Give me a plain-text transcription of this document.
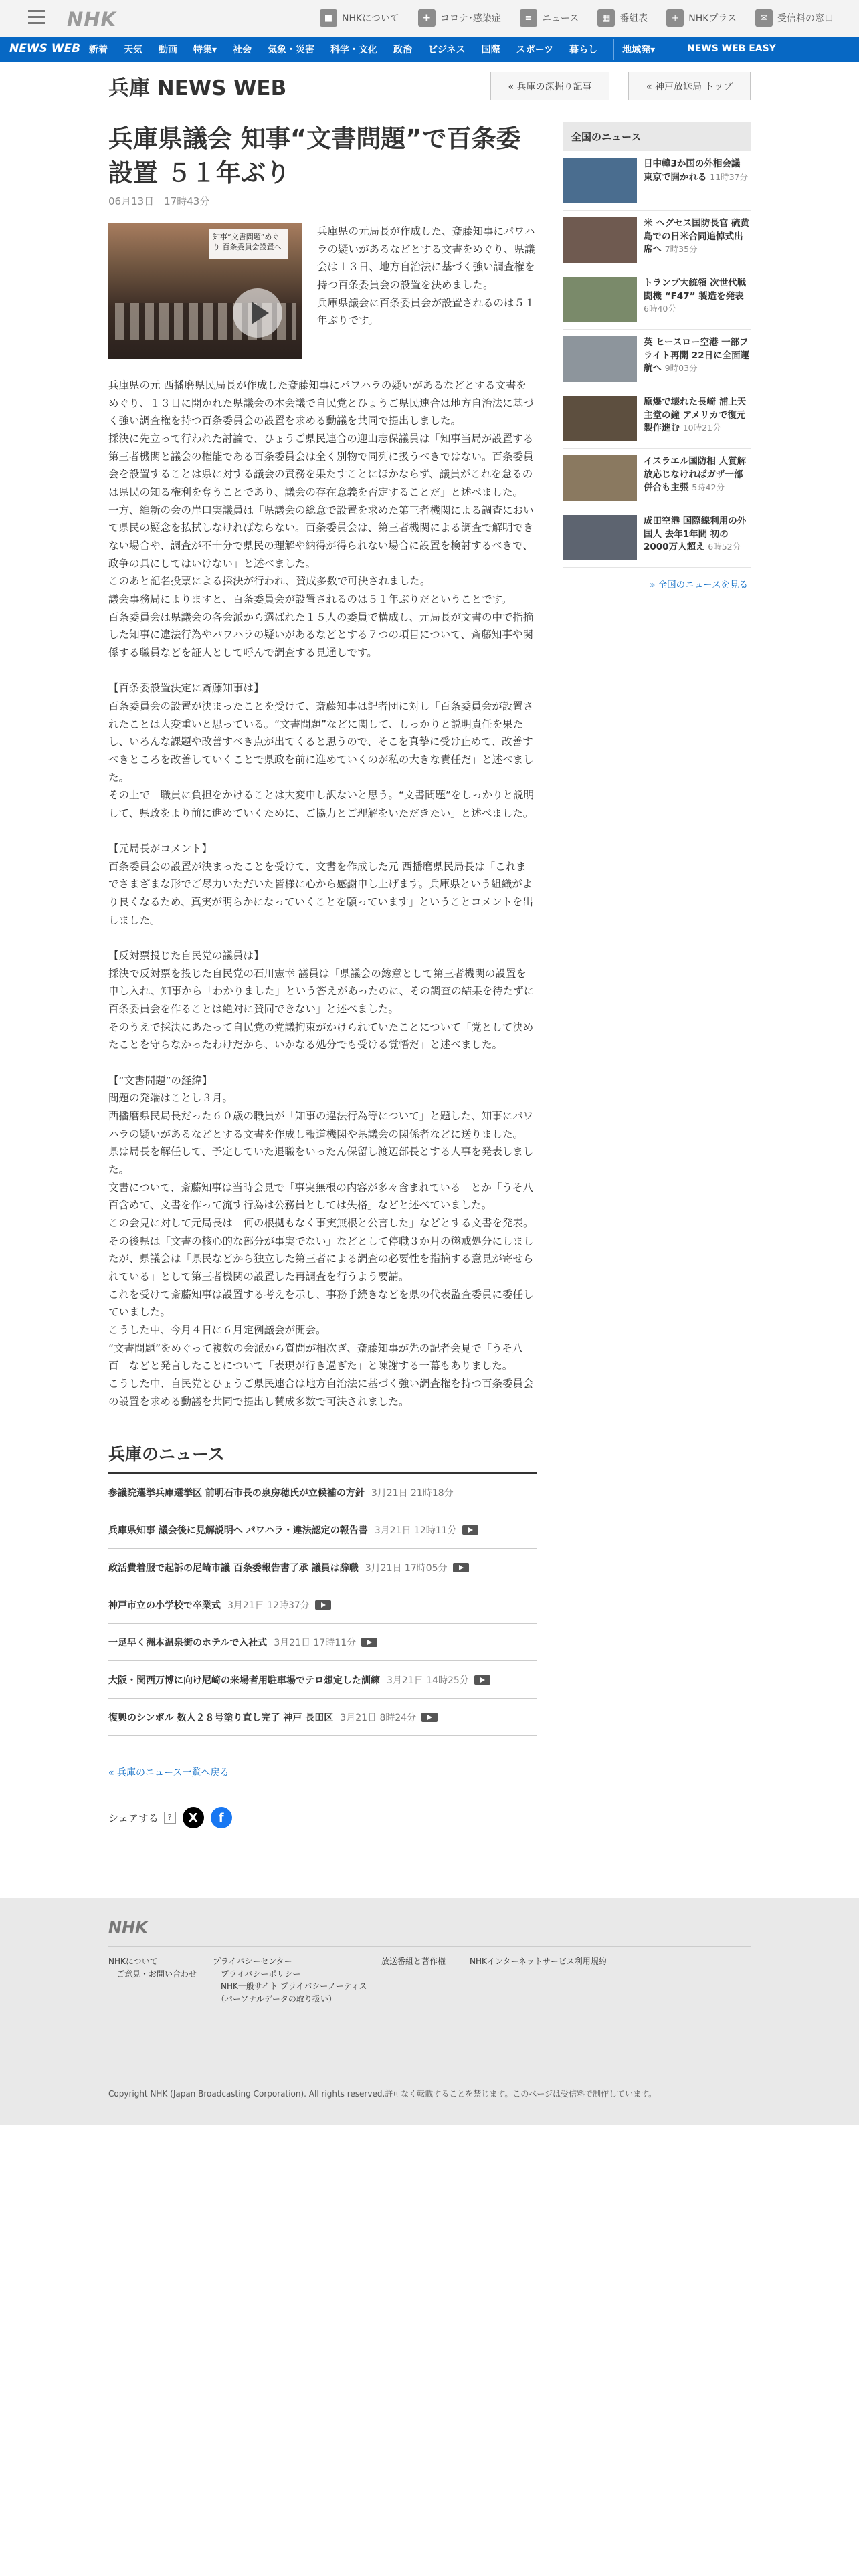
NHK	■ NHKについて	✚	コロナ･感染症	≡	ニュース	▦ 番組表	+	NHKプラス	✉	受信料の窓口
NEWS WEB 新着 天気 動画 特集▾ 社会 気象・災害 科学・文化 政治 ビジネス 国際 スポーツ 暮らし	地域発▾	NEWS WEB EASY
兵庫 NEWS WEB	« 兵庫の深掘り記事	« 神戸放送局 トップ
兵庫県議会 知事“文書問題”で百条委設置 ５１年ぶり
06月13日　17時43分
知事“文書問題”めぐり 百条委員会設置へ
兵庫県の元局長が作成した、斎藤知事にパワハラの疑いがあるなどとする文書をめぐり、県議会は１３日、地方自治法に基づく強い調査権を持つ百条委員会の設置を決めました。
兵庫県議会に百条委員会が設置されるのは５１年ぶりです。
兵庫県の元 西播磨県民局長が作成した斎藤知事にパワハラの疑いがあるなどとする文書をめぐり、１３日に開かれた県議会の本会議で自民党とひょうご県民連合は地方自治法に基づく強い調査権を持つ百条委員会の設置を求める動議を共同で提出しました。
採決に先立って行われた討論で、ひょうご県民連合の迎山志保議員は「知事当局が設置する第三者機関と議会の権能である百条委員会は全く別物で同列に扱うべきではない。百条委員会を設置することは県に対する議会の責務を果たすことにほかならず、議員がこれを怠るのは県民の知る権利を奪うことであり、議会の存在意義を否定することだ」と述べました。
一方、維新の会の岸口実議員は「県議会の総意で設置を求めた第三者機関による調査において県民の疑念を払拭しなければならない。百条委員会は、第三者機関による調査で解明できない場合や、調査が不十分で県民の理解や納得が得られない場合に設置を検討するべきで、政争の具にしてはいけない」と述べました。
このあと記名投票による採決が行われ、賛成多数で可決されました。
議会事務局によりますと、百条委員会が設置されるのは５１年ぶりだということです。
百条委員会は県議会の各会派から選ばれた１５人の委員で構成し、元局長が文書の中で指摘した知事に違法行為やパワハラの疑いがあるなどとする７つの項目について、斎藤知事や関係する職員などを証人として呼んで調査する見通しです。

【百条委設置決定に斎藤知事は】
百条委員会の設置が決まったことを受けて、斎藤知事は記者団に対し「百条委員会が設置されたことは大変重いと思っている。“文書問題”などに関して、しっかりと説明責任を果たし、いろんな課題や改善すべき点が出てくると思うので、そこを真摯に受け止めて、改善すべきところを改善していくことで県政を前に進めていくのが私の大きな責任だ」と述べました。
その上で「職員に負担をかけることは大変申し訳ないと思う。“文書問題”をしっかりと説明して、県政をより前に進めていくために、ご協力とご理解をいただきたい」と述べました。

【元局長がコメント】
百条委員会の設置が決まったことを受けて、文書を作成した元 西播磨県民局長は「これまでさまざまな形でご尽力いただいた皆様に心から感謝申し上げます。兵庫県という組織がより良くなるため、真実が明らかになっていくことを願っています」ということコメントを出しました。

【反対票投じた自民党の議員は】
採決で反対票を投じた自民党の石川憲幸 議員は「県議会の総意として第三者機関の設置を申し入れ、知事から「わかりました」という答えがあったのに、その調査の結果を待たずに百条委員会を作ることは絶対に賛同できない」と述べました。
そのうえで採決にあたって自民党の党議拘束がかけられていたことについて「党として決めたことを守らなかったわけだから、いかなる処分でも受ける覚悟だ」と述べました。

【“文書問題”の経緯】
問題の発端はことし３月。
西播磨県民局長だった６０歳の職員が「知事の違法行為等について」と題した、知事にパワハラの疑いがあるなどとする文書を作成し報道機関や県議会の関係者などに送りました。
県は局長を解任して、予定していた退職をいったん保留し渡辺部長とする人事を発表しました。
文書について、斎藤知事は当時会見で「事実無根の内容が多々含まれている」とか「うそ八百含めて、文書を作って流す行為は公務員としては失格」などと述べていました。
この会見に対して元局長は「何の根拠もなく事実無根と公言した」などとする文書を発表。
その後県は「文書の核心的な部分が事実でない」などとして停職３か月の懲戒処分にしましたが、県議会は「県民などから独立した第三者による調査の必要性を指摘する意見が寄せられている」として第三者機関の設置した再調査を行うよう要請。
これを受けて斎藤知事は設置する考えを示し、事務手続きなどを県の代表監査委員に委任していました。
こうした中、今月４日に６月定例議会が開会。
“文書問題”をめぐって複数の会派から質問が相次ぎ、斎藤知事が先の記者会見で「うそ八百」などと発言したことについて「表現が行き過ぎた」と陳謝する一幕もありました。
こうした中、自民党とひょうご県民連合は地方自治法に基づく強い調査権を持つ百条委員会の設置を求める動議を共同で提出し賛成多数で可決されました。
兵庫のニュース
参議院選挙兵庫選挙区 前明石市長の泉房穂氏が立候補の方針 3月21日 21時18分
兵庫県知事 議会後に見解説明へ パワハラ・違法認定の報告書 3月21日 12時11分
政活費着服で起訴の尼崎市議 百条委報告書了承 議員は辞職 3月21日 17時05分
神戸市立の小学校で卒業式 3月21日 12時37分
一足早く洲本温泉街のホテルで入社式 3月21日 17時11分
大阪・関西万博に向け尼崎の来場者用駐車場でテロ想定した訓練 3月21日 14時25分
復興のシンボル 数人２８号塗り直し完了 神戸 長田区 3月21日 8時24分
« 兵庫のニュース一覧へ戻る
シェアする	?	X	f
全国のニュース
日中韓3か国の外相会議 東京で開かれる 11時37分
米 ヘグセス国防長官 硫黄島での日米合同追悼式出席へ 7時35分
トランプ大統領 次世代戦闘機 “F47” 製造を発表 6時40分
英 ヒースロー空港 一部フライト再開 22日に全面運航へ 9時03分
原爆で壊れた長崎 浦上天主堂の鐘 アメリカで復元製作進む 10時21分
イスラエル国防相 人質解放応じなければガザ一部併合も主張 5時42分
成田空港 国際線利用の外国人 去年1年間 初の2000万人超え 6時52分
» 全国のニュースを見る
NHK
NHKについて
　ご意見・お問い合わせ
プライバシーセンター
　プライバシーポリシー
　NHK一般サイト プライバシーノーティス
　（パーソナルデータの取り扱い）
放送番組と著作権	NHKインターネットサービス利用規約
Copyright NHK (Japan Broadcasting Corporation). All rights reserved.許可なく転載することを禁じます。このページは受信料で制作しています。
